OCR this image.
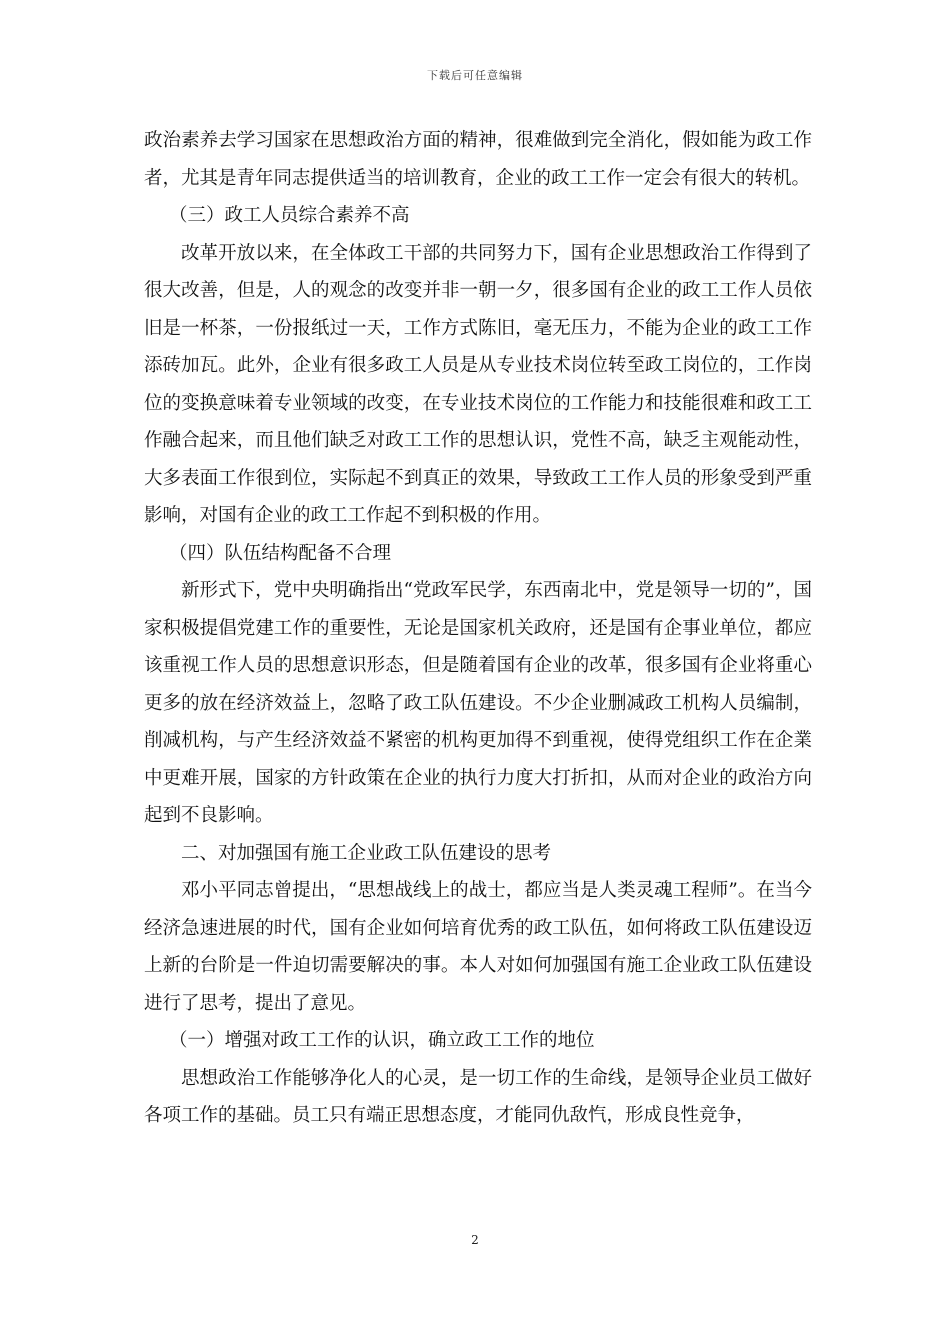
下载后可任意编辑

政治素养去学习国家在思想政治方面的精神，很难做到完全消化，假如能为政工作者，尤其是青年同志提供适当的培训教育，企业的政工工作一定会有很大的转机。

（三）政工人员综合素养不高

改革开放以来，在全体政工干部的共同努力下，国有企业思想政治工作得到了很大改善，但是，人的观念的改变并非一朝一夕，很多国有企业的政工工作人员依旧是一杯茶，一份报纸过一天，工作方式陈旧，毫无压力，不能为企业的政工工作添砖加瓦。此外，企业有很多政工人员是从专业技术岗位转至政工岗位的，工作岗位的变换意味着专业领域的改变，在专业技术岗位的工作能力和技能很难和政工工作融合起来，而且他们缺乏对政工工作的思想认识，党性不高，缺乏主观能动性，大多表面工作很到位，实际起不到真正的效果，导致政工工作人员的形象受到严重影响，对国有企业的政工工作起不到积极的作用。

（四）队伍结构配备不合理

新形式下，党中央明确指出“党政军民学，东西南北中，党是领导一切的”，国家积极提倡党建工作的重要性，无论是国家机关政府，还是国有企事业单位，都应该重视工作人员的思想意识形态，但是随着国有企业的改革，很多国有企业将重心更多的放在经济效益上，忽略了政工队伍建设。不少企业删减政工机构人员编制，削减机构，与产生经济效益不紧密的机构更加得不到重视，使得党组织工作在企業中更难开展，国家的方针政策在企业的执行力度大打折扣，从而对企业的政治方向起到不良影响。

二、对加强国有施工企业政工队伍建设的思考

邓小平同志曾提出，“思想战线上的战士，都应当是人类灵魂工程师”。在当今经济急速进展的时代，国有企业如何培育优秀的政工队伍，如何将政工队伍建设迈上新的台阶是一件迫切需要解决的事。本人对如何加强国有施工企业政工队伍建设进行了思考，提出了意见。

（一）增强对政工工作的认识，确立政工工作的地位

思想政治工作能够净化人的心灵，是一切工作的生命线，是领导企业员工做好各项工作的基础。员工只有端正思想态度，才能同仇敌忾，形成良性竞争，

2
